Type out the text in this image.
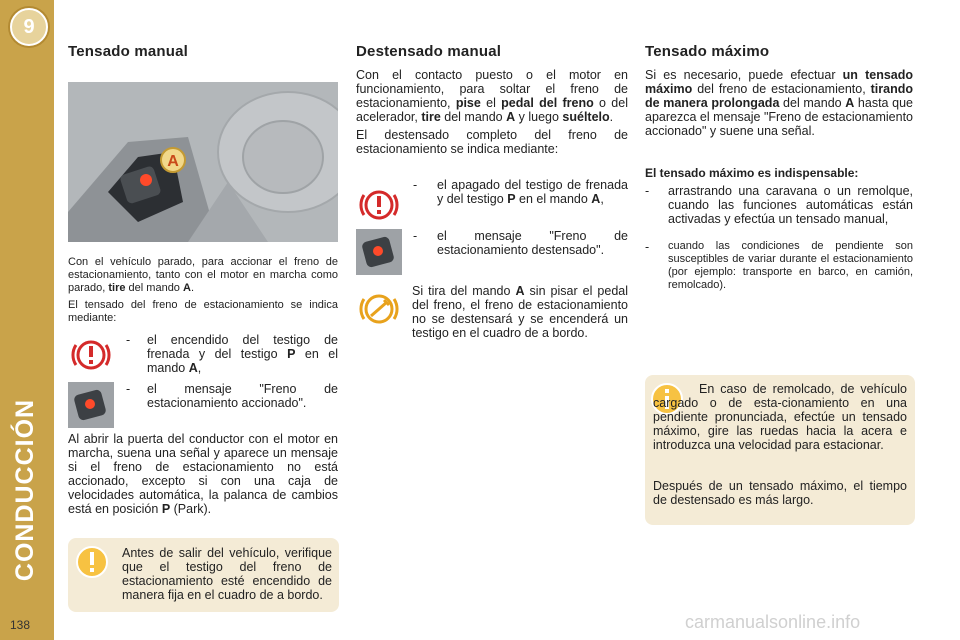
9
CONDUCCIÓN
138
Tensado manual
A

Con el vehículo parado, para accionar el freno de estacionamiento, tanto con el motor en marcha como parado, tire del mando A.

El tensado del freno de estacionamiento se indica mediante:

- el encendido del testigo de frenada y del testigo P en el mando A,
- el mensaje "Freno de estacionamiento accionado".
Al abrir la puerta del conductor con el motor en marcha, suena una señal y aparece un mensaje si el freno de estacionamiento no está accionado, excepto si con una caja de velocidades automática, la palanca de cambios está en posición P (Park).
Antes de salir del vehículo, verifique que el testigo del freno de estacionamiento esté encendido de manera fija en el cuadro de a bordo.
Destensado manual

Con el contacto puesto o el motor en funcionamiento, para soltar el freno de estacionamiento, pise el pedal del freno o del acelerador, tire del mando A y luego suéltelo.

El destensado completo del freno de estacionamiento se indica mediante:

- el apagado del testigo de frenada y del testigo P en el mando A,
- el mensaje "Freno de estacionamiento destensado".
Si tira del mando A sin pisar el pedal del freno, el freno de estacionamiento no se destensará y se encenderá un testigo en el cuadro de a bordo.
Tensado máximo
Si es necesario, puede efectuar un tensado máximo del freno de estacionamiento, tirando de manera prolongada del mando A hasta que aparezca el mensaje "Freno de estacionamiento accionado" y suene una señal.
El tensado máximo es indispensable:
- arrastrando una caravana o un remolque, cuando las funciones automáticas están activadas y efectúa un tensado manual,
- cuando las condiciones de pendiente son susceptibles de variar durante el estacionamiento (por ejemplo: transporte en barco, en camión, remolcado).
En caso de remolcado, de vehículo cargado o de esta-cionamiento en una pendiente pronunciada, efectúe un tensado máximo, gire las ruedas hacia la acera e introduzca una velocidad para estacionar.
Después de un tensado máximo, el tiempo de destensado es más largo.
carmanualsonline.info
